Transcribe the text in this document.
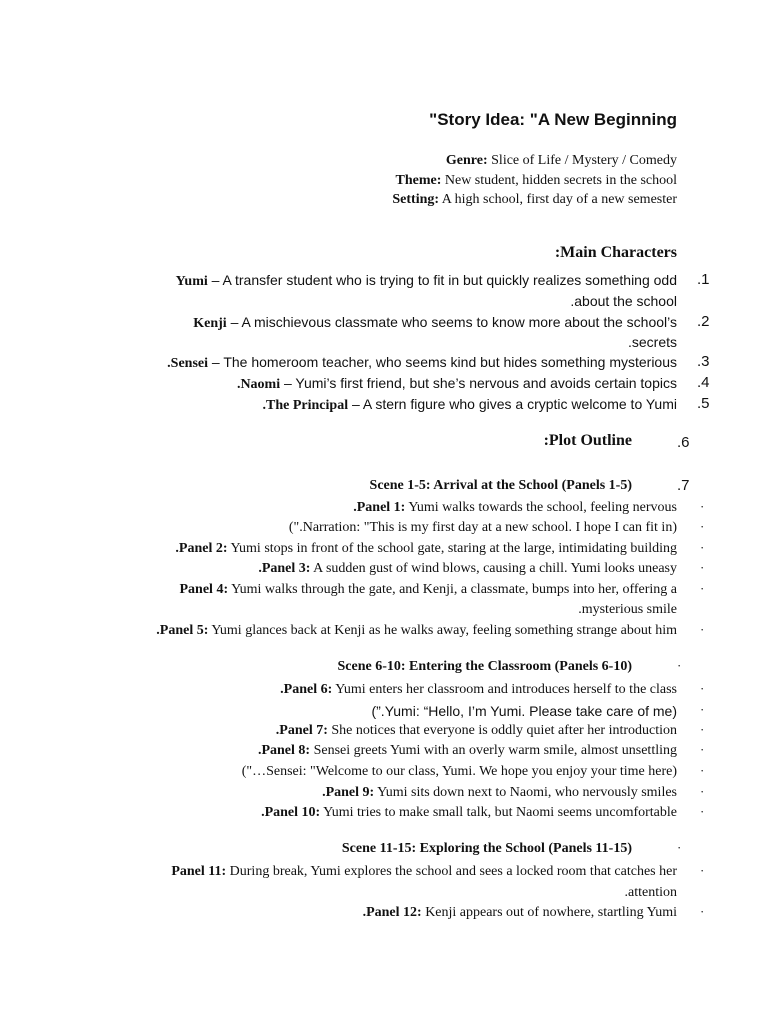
"Story Idea: "A New Beginning
Genre: Slice of Life / Mystery / Comedy
Theme: New student, hidden secrets in the school
Setting: A high school, first day of a new semester
:Main Characters
.1
Yumi – A transfer student who is trying to fit in but quickly realizes something odd
.about the school
.2
Kenji – A mischievous classmate who seems to know more about the school’s
.secrets
.3
.Sensei – The homeroom teacher, who seems kind but hides something mysterious
.4
.Naomi – Yumi’s first friend, but she’s nervous and avoids certain topics
.5
.The Principal – A stern figure who gives a cryptic welcome to Yumi
.6
:Plot Outline
.7
Scene 1-5: Arrival at the School (Panels 1-5)
·
.Panel 1: Yumi walks towards the school, feeling nervous
·
(".Narration: "This is my first day at a new school. I hope I can fit in)
·
.Panel 2: Yumi stops in front of the school gate, staring at the large, intimidating building
·
.Panel 3: A sudden gust of wind blows, causing a chill. Yumi looks uneasy
·
Panel 4: Yumi walks through the gate, and Kenji, a classmate, bumps into her, offering a
.mysterious smile
·
.Panel 5: Yumi glances back at Kenji as he walks away, feeling something strange about him
·
Scene 6-10: Entering the Classroom (Panels 6-10)
·
.Panel 6: Yumi enters her classroom and introduces herself to the class
·
(”.Yumi: “Hello, I’m Yumi. Please take care of me)
·
.Panel 7: She notices that everyone is oddly quiet after her introduction
·
.Panel 8: Sensei greets Yumi with an overly warm smile, almost unsettling
·
("…Sensei: "Welcome to our class, Yumi. We hope you enjoy your time here)
·
.Panel 9: Yumi sits down next to Naomi, who nervously smiles
·
.Panel 10: Yumi tries to make small talk, but Naomi seems uncomfortable
·
Scene 11-15: Exploring the School (Panels 11-15)
·
Panel 11: During break, Yumi explores the school and sees a locked room that catches her
.attention
·
.Panel 12: Kenji appears out of nowhere, startling Yumi
